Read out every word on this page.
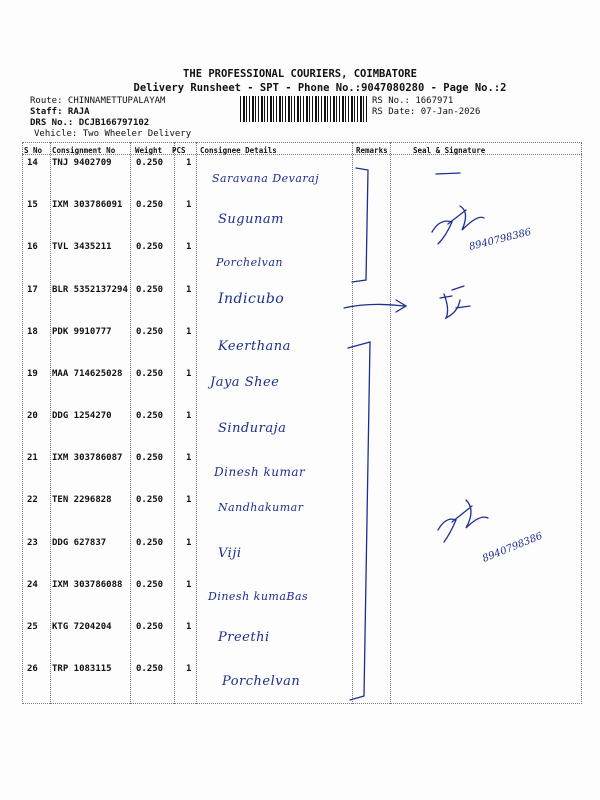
THE PROFESSIONAL COURIERS, COIMBATORE
Delivery Runsheet - SPT - Phone No.:9047080280 - Page No.:2
Route: CHINNAMETTUPALAYAM
Staff: RAJA
DRS No.: DCJB166797102
Vehicle: Two Wheeler Delivery
RS No.: 1667971
RS Date: 07-Jan-2026
S No Consignment No	Weight PCS Consignee Details	Remarks	Seal & Signature
14 TNJ 9402709	0.250	1
Saravana Devaraj
15 IXM 303786091 0.250	1
Sugunam
16 TVL 3435211	0.250	1
Porchelvan
17 BLR 5352137294 0.250	1
Indicubo
18 PDK 9910777	0.250	1
Keerthana
19 MAA 714625028 0.250	1
Jaya Shee
20 DDG 1254270	0.250	1
Sinduraja
21 IXM 303786087 0.250	1
Dinesh kumar
22 TEN 2296828	0.250	1
Nandhakumar
23 DDG 627837	0.250	1
Viji
24 IXM 303786088 0.250	1
Dinesh kumaBas
25 KTG 7204204	0.250	1
Preethi
26 TRP 1083115	0.250	1
Porchelvan
8940798386
8940798386
